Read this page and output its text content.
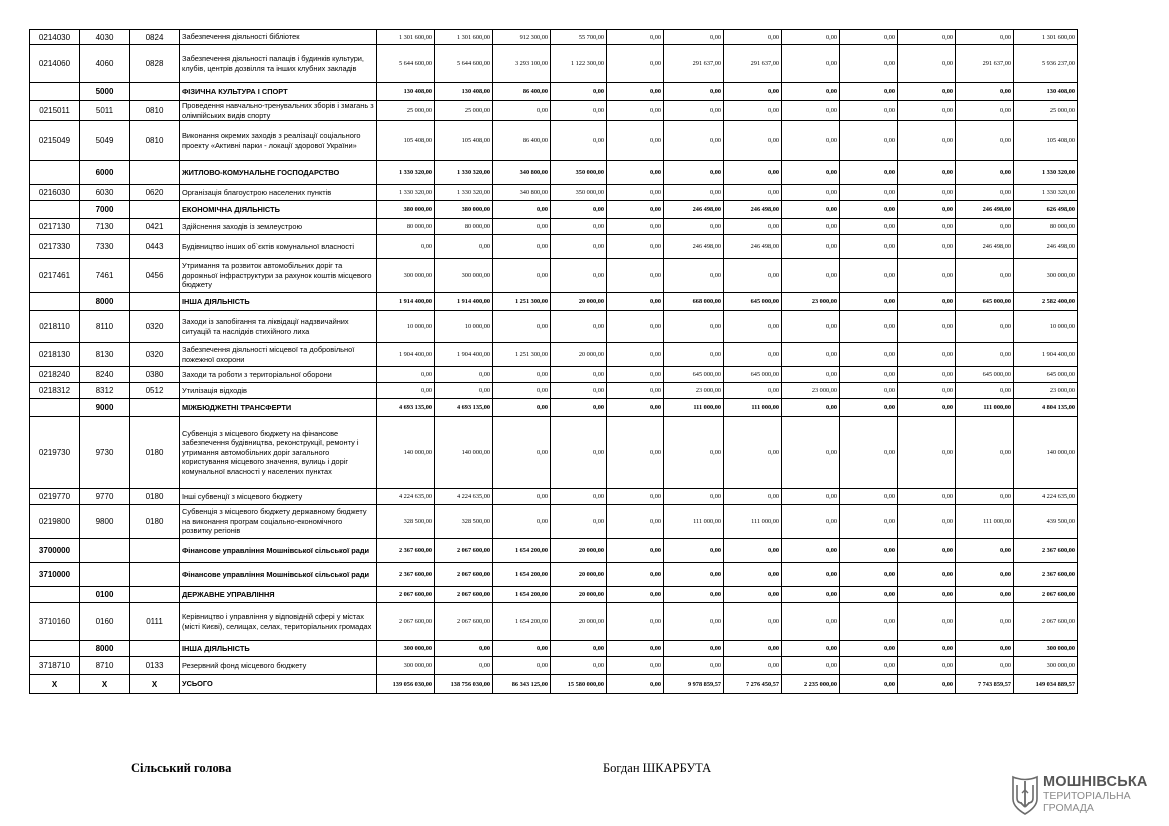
0214030	4030	0824	Забезпечення діяльності бібліотек	1 301 600,00	1 301 600,00	912 300,00	55 700,00	0,00	0,00	0,00	0,00	0,00	0,00	0,00	1 301 600,00
0214060	4060	0828	Забезпечення діяльності палаців i будинків культури, клубів, центрів дозвілля та iнших клубних закладів	5 644 600,00	5 644 600,00	3 293 100,00	1 122 300,00	0,00	291 637,00	291 637,00	0,00	0,00	0,00	291 637,00	5 936 237,00
	5000		ФІЗИЧНА КУЛЬТУРА І СПОРТ	130 408,00	130 408,00	86 400,00	0,00	0,00	0,00	0,00	0,00	0,00	0,00	0,00	130 408,00
0215011	5011	0810	Проведення навчально-тренувальних зборів і змагань з олімпійських видів спорту	25 000,00	25 000,00	0,00	0,00	0,00	0,00	0,00	0,00	0,00	0,00	0,00	25 000,00
0215049	5049	0810	Виконання окремих заходів з реалізації соціального проекту «Активні парки - локації здорової України»	105 408,00	105 408,00	86 400,00	0,00	0,00	0,00	0,00	0,00	0,00	0,00	0,00	105 408,00
	6000		ЖИТЛОВО-КОМУНАЛЬНЕ ГОСПОДАРСТВО	1 330 320,00	1 330 320,00	340 800,00	350 000,00	0,00	0,00	0,00	0,00	0,00	0,00	0,00	1 330 320,00
0216030	6030	0620	Організація благоустрою населених пунктів	1 330 320,00	1 330 320,00	340 800,00	350 000,00	0,00	0,00	0,00	0,00	0,00	0,00	0,00	1 330 320,00
	7000		ЕКОНОМІЧНА ДІЯЛЬНІСТЬ	380 000,00	380 000,00	0,00	0,00	0,00	246 498,00	246 498,00	0,00	0,00	0,00	246 498,00	626 498,00
0217130	7130	0421	Здійснення заходів із землеустрою	80 000,00	80 000,00	0,00	0,00	0,00	0,00	0,00	0,00	0,00	0,00	0,00	80 000,00
0217330	7330	0443	Будівництво інших об`єктів комунальної власності	0,00	0,00	0,00	0,00	0,00	246 498,00	246 498,00	0,00	0,00	0,00	246 498,00	246 498,00
0217461	7461	0456	Утримання та розвиток автомобільних доріг та дорожньої інфраструктури за рахунок коштів місцевого бюджету	300 000,00	300 000,00	0,00	0,00	0,00	0,00	0,00	0,00	0,00	0,00	0,00	300 000,00
	8000		ІНША ДІЯЛЬНІСТЬ	1 914 400,00	1 914 400,00	1 251 300,00	20 000,00	0,00	668 000,00	645 000,00	23 000,00	0,00	0,00	645 000,00	2 582 400,00
0218110	8110	0320	Заходи із запобігання та ліквідації надзвичайних ситуацій та наслідків стихійного лиха	10 000,00	10 000,00	0,00	0,00	0,00	0,00	0,00	0,00	0,00	0,00	0,00	10 000,00
0218130	8130	0320	Забезпечення діяльності місцевої та добровільної пожежної охорони	1 904 400,00	1 904 400,00	1 251 300,00	20 000,00	0,00	0,00	0,00	0,00	0,00	0,00	0,00	1 904 400,00
0218240	8240	0380	Заходи та роботи з територіальної оборони	0,00	0,00	0,00	0,00	0,00	645 000,00	645 000,00	0,00	0,00	0,00	645 000,00	645 000,00
0218312	8312	0512	Утилізація відходів	0,00	0,00	0,00	0,00	0,00	23 000,00	0,00	23 000,00	0,00	0,00	0,00	23 000,00
	9000		МІЖБЮДЖЕТНІ ТРАНСФЕРТИ	4 693 135,00	4 693 135,00	0,00	0,00	0,00	111 000,00	111 000,00	0,00	0,00	0,00	111 000,00	4 804 135,00
0219730	9730	0180	Субвенція з місцевого бюджету на фінансове забезпечення будівництва, реконструкції, ремонту і утримання автомобільних доріг загального користування місцевого значення, вулиць і доріг комунальної власності у населених пунктах	140 000,00	140 000,00	0,00	0,00	0,00	0,00	0,00	0,00	0,00	0,00	0,00	140 000,00
0219770	9770	0180	Інші субвенції з місцевого бюджету	4 224 635,00	4 224 635,00	0,00	0,00	0,00	0,00	0,00	0,00	0,00	0,00	0,00	4 224 635,00
0219800	9800	0180	Субвенція з місцевого бюджету державному бюджету на виконання програм соціально-економічного розвитку регіонів	328 500,00	328 500,00	0,00	0,00	0,00	111 000,00	111 000,00	0,00	0,00	0,00	111 000,00	439 500,00
3700000			Фінансове управління Мошнівської сільської ради	2 367 600,00	2 067 600,00	1 654 200,00	20 000,00	0,00	0,00	0,00	0,00	0,00	0,00	0,00	2 367 600,00
3710000			Фінансове управління Мошнівської сільської ради	2 367 600,00	2 067 600,00	1 654 200,00	20 000,00	0,00	0,00	0,00	0,00	0,00	0,00	0,00	2 367 600,00
	0100		ДЕРЖАВНЕ УПРАВЛІННЯ	2 067 600,00	2 067 600,00	1 654 200,00	20 000,00	0,00	0,00	0,00	0,00	0,00	0,00	0,00	2 067 600,00
3710160	0160	0111	Керівництво і управління у відповідній сфері у містах (місті Києві), селищах, селах, територіальних громадах	2 067 600,00	2 067 600,00	1 654 200,00	20 000,00	0,00	0,00	0,00	0,00	0,00	0,00	0,00	2 067 600,00
	8000		ІНША ДІЯЛЬНІСТЬ	300 000,00	0,00	0,00	0,00	0,00	0,00	0,00	0,00	0,00	0,00	0,00	300 000,00
3718710	8710	0133	Резервний фонд місцевого бюджету	300 000,00	0,00	0,00	0,00	0,00	0,00	0,00	0,00	0,00	0,00	0,00	300 000,00
X	X	X	УСЬОГО	139 056 030,00	138 756 030,00	86 343 125,00	15 580 000,00	0,00	9 978 859,57	7 276 450,57	2 235 000,00	0,00	0,00	7 743 859,57	149 034 889,57
Сільський голова	Богдан ШКАРБУТА
МОШНІВСЬКА
ТЕРИТОРІАЛЬНА
ГРОМАДА
